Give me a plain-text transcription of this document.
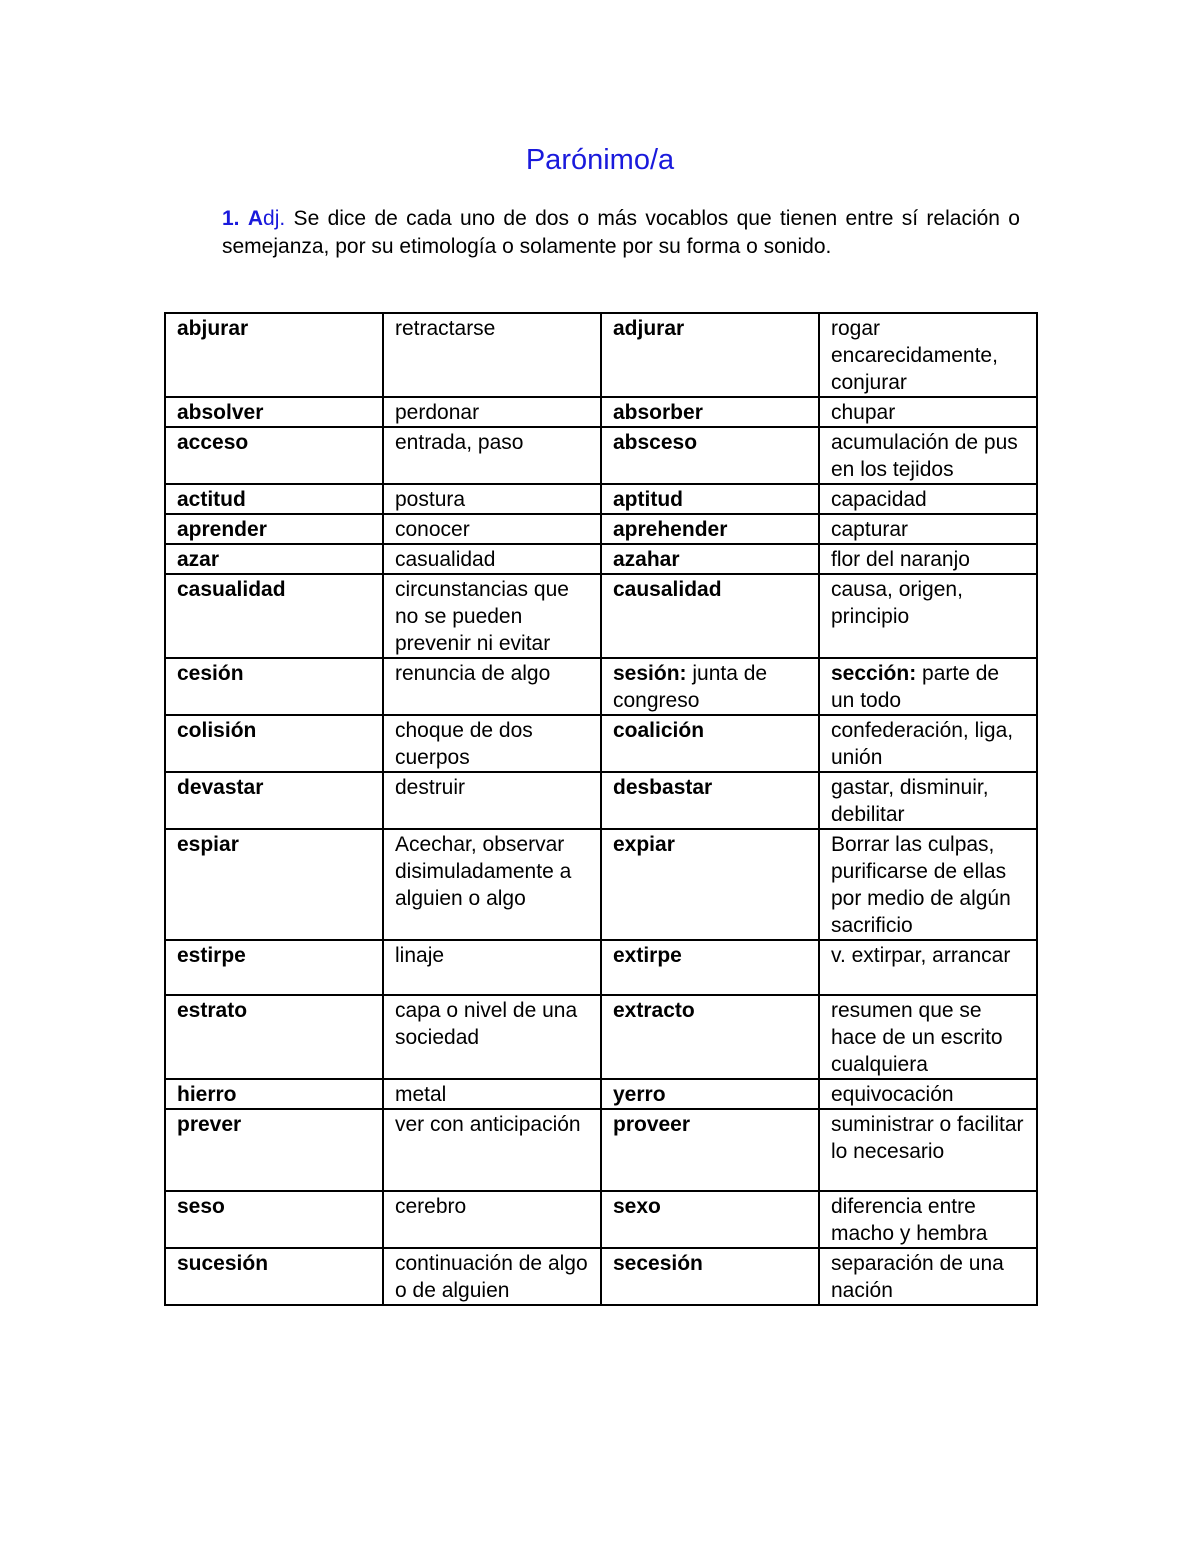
Parónimo/a

1. Adj. Se dice de cada uno de dos o más vocablos que tienen entre sí relación o semejanza, por su etimología o solamente por su forma o sonido.

abjurar	retractarse	adjurar	rogar encarecidamente, conjurar
absolver	perdonar	absorber	chupar
acceso	entrada, paso	absceso	acumulación de pus en los tejidos
actitud	postura	aptitud	capacidad
aprender	conocer	aprehender	capturar
azar	casualidad	azahar	flor del naranjo
casualidad	circunstancias que no se pueden prevenir ni evitar	causalidad	causa, origen, principio
cesión	renuncia de algo	sesión: junta de congreso	sección: parte de un todo
colisión	choque de dos cuerpos	coalición	confederación, liga, unión
devastar	destruir	desbastar	gastar, disminuir, debilitar
espiar	Acechar, observar disimuladamente a alguien o algo	expiar	Borrar las culpas, purificarse de ellas por medio de algún sacrificio
estirpe	linaje	extirpe	v. extirpar, arrancar
estrato	capa o nivel de una sociedad	extracto	resumen que se hace de un escrito cualquiera
hierro	metal	yerro	equivocación
prever	ver con anticipación	proveer	suministrar o facilitar lo necesario
seso	cerebro	sexo	diferencia entre macho y hembra
sucesión	continuación de algo o de alguien	secesión	separación de una nación
